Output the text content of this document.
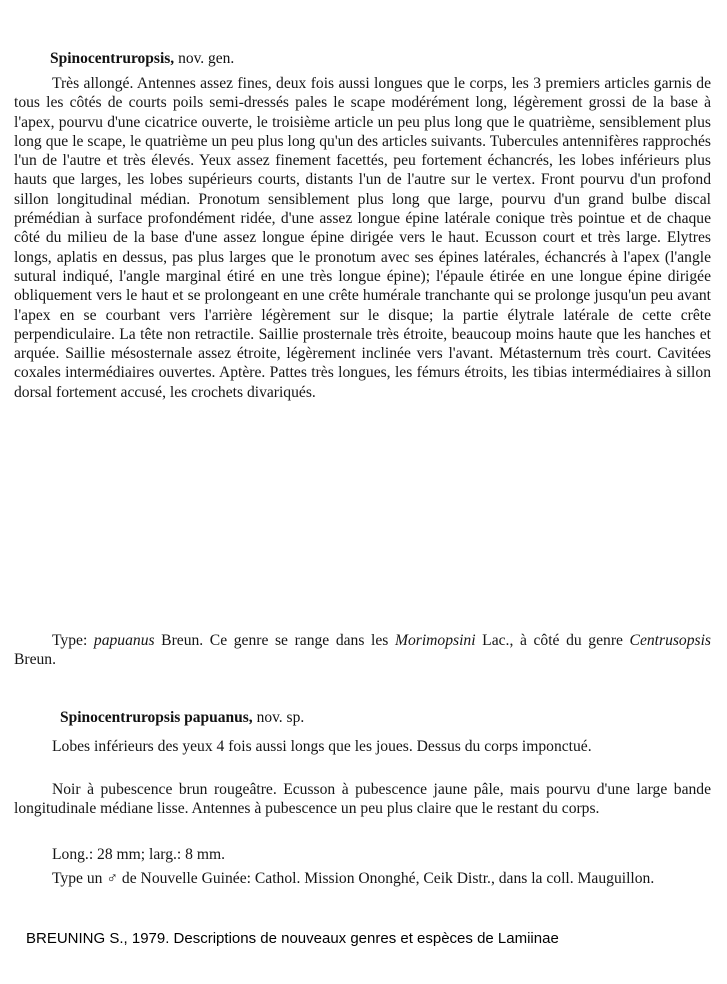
Spinocentruropsis, nov. gen.
Très allongé. Antennes assez fines, deux fois aussi longues que le corps, les 3 premiers articles garnis de tous les côtés de courts poils semi-dressés pales le scape modérément long, légèrement grossi de la base à l'apex, pourvu d'une cicatrice ouverte, le troisième article un peu plus long que le quatrième, sensiblement plus long que le scape, le quatrième un peu plus long qu'un des articles suivants. Tubercules antennifères rapprochés l'un de l'autre et très élevés. Yeux assez finement facettés, peu fortement échancrés, les lobes inférieurs plus hauts que larges, les lobes supérieurs courts, distants l'un de l'autre sur le vertex. Front pourvu d'un profond sillon longitudinal médian. Pronotum sensiblement plus long que large, pourvu d'un grand bulbe discal prémédian à surface profondément ridée, d'une assez longue épine latérale conique très pointue et de chaque côté du milieu de la base d'une assez longue épine dirigée vers le haut. Ecusson court et très large. Elytres longs, aplatis en dessus, pas plus larges que le pronotum avec ses épines latérales, échancrés à l'apex (l'angle sutural indiqué, l'angle marginal étiré en une très longue épine); l'épaule étirée en une longue épine dirigée obliquement vers le haut et se prolongeant en une crête humérale tranchante qui se prolonge jusqu'un peu avant l'apex en se courbant vers l'arrière légèrement sur le disque; la partie élytrale latérale de cette crête perpendiculaire. La tête non retractile. Saillie prosternale très étroite, beaucoup moins haute que les hanches et arquée. Saillie mésosternale assez étroite, légèrement inclinée vers l'avant. Métasternum très court. Cavitées coxales intermédiaires ouvertes. Aptère. Pattes très longues, les fémurs étroits, les tibias intermédiaires à sillon dorsal fortement accusé, les crochets divariqués.
Type: papuanus Breun. Ce genre se range dans les Morimopsini Lac., à côté du genre Centrusopsis Breun.
Spinocentruropsis papuanus, nov. sp.
Lobes inférieurs des yeux 4 fois aussi longs que les joues. Dessus du corps imponctué.
Noir à pubescence brun rougeâtre. Ecusson à pubescence jaune pâle, mais pourvu d'une large bande longitudinale médiane lisse. Antennes à pubescence un peu plus claire que le restant du corps.
Long.: 28 mm; larg.: 8 mm.
Type un ♂ de Nouvelle Guinée: Cathol. Mission Ononghé, Ceik Distr., dans la coll. Mauguillon.
BREUNING S., 1979. Descriptions de nouveaux genres et espèces de Lamiinae
